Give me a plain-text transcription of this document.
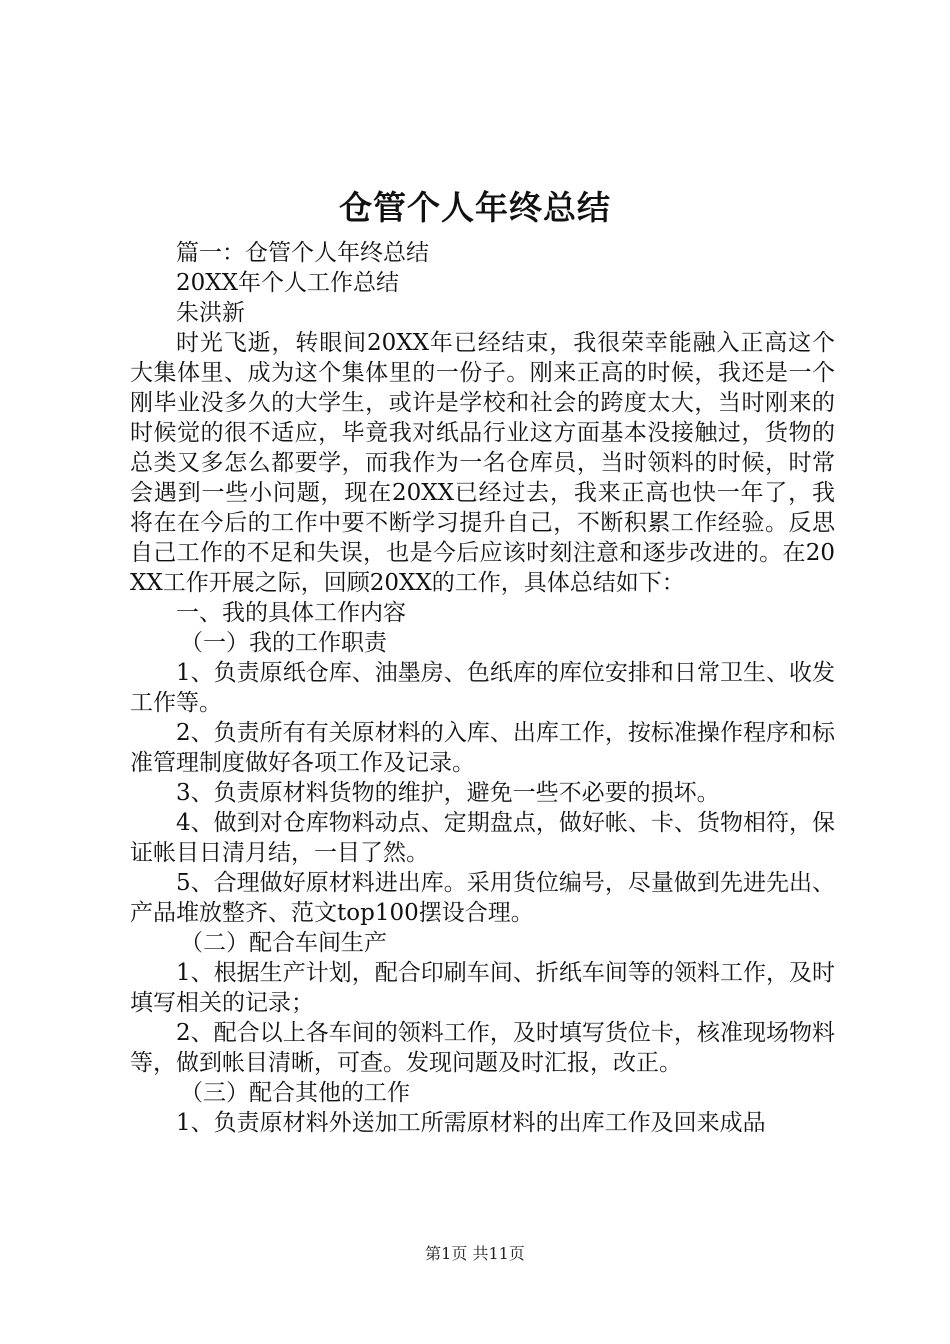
仓管个人年终总结

篇一：仓管个人年终总结

20XX年个人工作总结

朱洪新

时光飞逝，转眼间20XX年已经结束，我很荣幸能融入正高这个大集体里、成为这个集体里的一份子。刚来正高的时候，我还是一个刚毕业没多久的大学生，或许是学校和社会的跨度太大，当时刚来的时候觉的很不适应，毕竟我对纸品行业这方面基本没接触过，货物的总类又多怎么都要学，而我作为一名仓库员，当时领料的时候，时常会遇到一些小问题，现在20XX已经过去，我来正高也快一年了，我将在在今后的工作中要不断学习提升自己，不断积累工作经验。反思自己工作的不足和失误，也是今后应该时刻注意和逐步改进的。在20XX工作开展之际，回顾20XX的工作，具体总结如下：

一、我的具体工作内容

（一）我的工作职责

1、负责原纸仓库、油墨房、色纸库的库位安排和日常卫生、收发工作等。

2、负责所有有关原材料的入库、出库工作，按标准操作程序和标准管理制度做好各项工作及记录。

3、负责原材料货物的维护，避免一些不必要的损坏。

4、做到对仓库物料动点、定期盘点，做好帐、卡、货物相符，保证帐目日清月结，一目了然。

5、合理做好原材料进出库。采用货位编号，尽量做到先进先出、产品堆放整齐、范文top100摆设合理。

（二）配合车间生产

1、根据生产计划，配合印刷车间、折纸车间等的领料工作，及时填写相关的记录；

2、配合以上各车间的领料工作，及时填写货位卡，核准现场物料等，做到帐目清晰，可查。发现问题及时汇报，改正。

（三）配合其他的工作

1、负责原材料外送加工所需原材料的出库工作及回来成品

第1页 共11页
